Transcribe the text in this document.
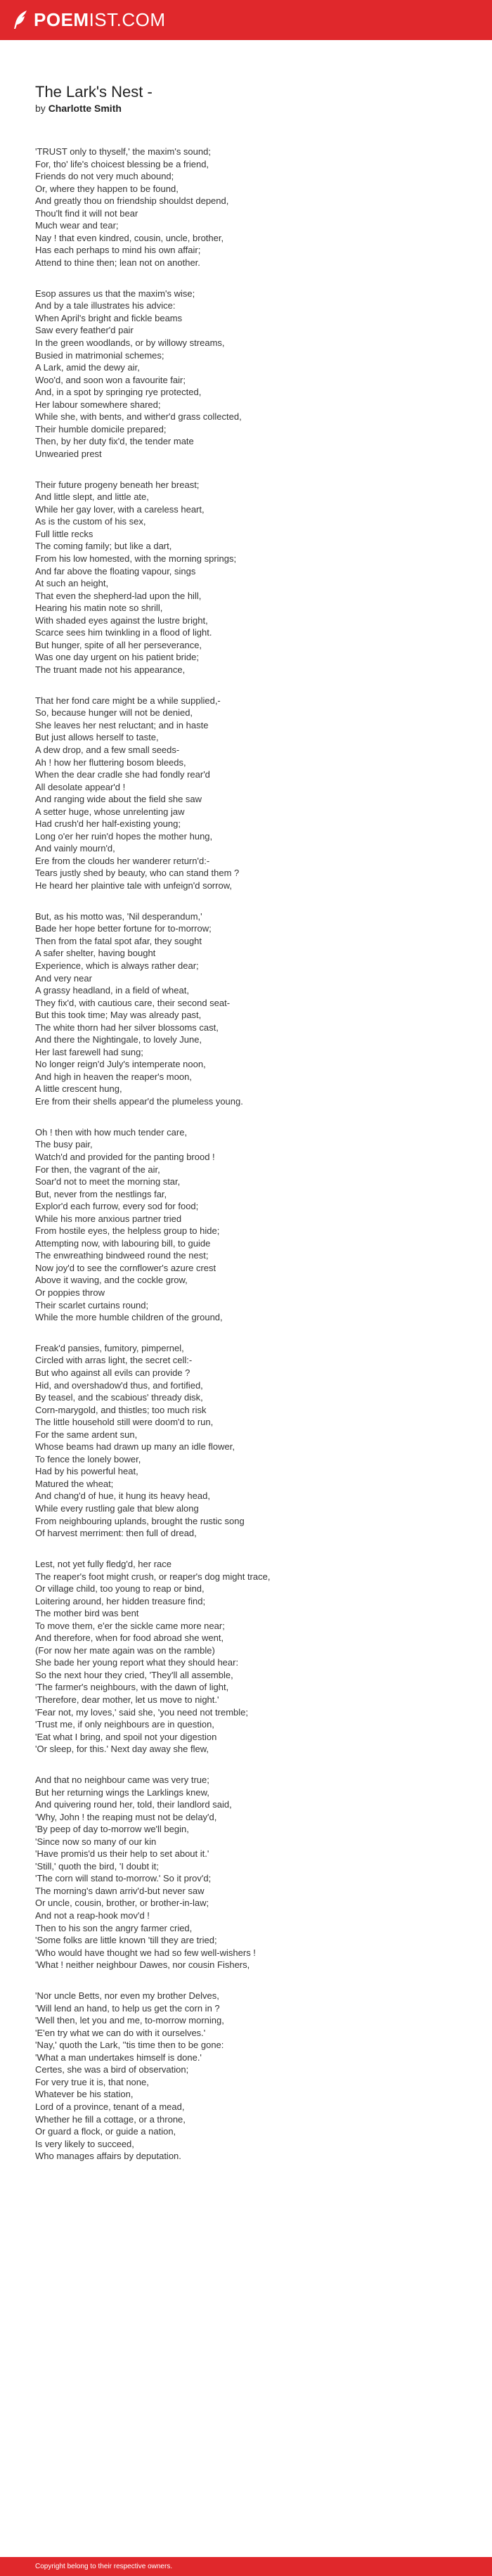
POEMIST.COM
The Lark's Nest -
by Charlotte Smith

'TRUST only to thyself,' the maxim's sound;
For, tho' life's choicest blessing be a friend,
Friends do not very much abound;
Or, where they happen to be found,
And greatly thou on friendship shouldst depend,
Thou'lt find it will not bear
Much wear and tear;
Nay ! that even kindred, cousin, uncle, brother,
Has each perhaps to mind his own affair;
Attend to thine then; lean not on another.

Esop assures us that the maxim's wise;
And by a tale illustrates his advice:
When April's bright and fickle beams
Saw every feather'd pair
In the green woodlands, or by willowy streams,
Busied in matrimonial schemes;
A Lark, amid the dewy air,
Woo'd, and soon won a favourite fair;
And, in a spot by springing rye protected,
Her labour somewhere shared;
While she, with bents, and wither'd grass collected,
Their humble domicile prepared;
Then, by her duty fix'd, the tender mate
Unwearied prest

Their future progeny beneath her breast;
And little slept, and little ate,
While her gay lover, with a careless heart,
As is the custom of his sex,
Full little recks
The coming family; but like a dart,
From his low homested, with the morning springs;
And far above the floating vapour, sings
At such an height,
That even the shepherd-lad upon the hill,
Hearing his matin note so shrill,
With shaded eyes against the lustre bright,
Scarce sees him twinkling in a flood of light.
But hunger, spite of all her perseverance,
Was one day urgent on his patient bride;
The truant made not his appearance,

That her fond care might be a while supplied,-
So, because hunger will not be denied,
She leaves her nest reluctant; and in haste
But just allows herself to taste,
A dew drop, and a few small seeds-
Ah ! how her fluttering bosom bleeds,
When the dear cradle she had fondly rear'd
All desolate appear'd !
And ranging wide about the field she saw
A setter huge, whose unrelenting jaw
Had crush'd her half-existing young;
Long o'er her ruin'd hopes the mother hung,
And vainly mourn'd,
Ere from the clouds her wanderer return'd:-
Tears justly shed by beauty, who can stand them ?
He heard her plaintive tale with unfeign'd sorrow,

But, as his motto was, 'Nil desperandum,'
Bade her hope better fortune for to-morrow;
Then from the fatal spot afar, they sought
A safer shelter, having bought
Experience, which is always rather dear;
And very near
A grassy headland, in a field of wheat,
They fix'd, with cautious care, their second seat-
But this took time; May was already past,
The white thorn had her silver blossoms cast,
And there the Nightingale, to lovely June,
Her last farewell had sung;
No longer reign'd July's intemperate noon,
And high in heaven the reaper's moon,
A little crescent hung,
Ere from their shells appear'd the plumeless young.

Oh ! then with how much tender care,
The busy pair,
Watch'd and provided for the panting brood !
For then, the vagrant of the air,
Soar'd not to meet the morning star,
But, never from the nestlings far,
Explor'd each furrow, every sod for food;
While his more anxious partner tried
From hostile eyes, the helpless group to hide;
Attempting now, with labouring bill, to guide
The enwreathing bindweed round the nest;
Now joy'd to see the cornflower's azure crest
Above it waving, and the cockle grow,
Or poppies throw
Their scarlet curtains round;
While the more humble children of the ground,

Freak'd pansies, fumitory, pimpernel,
Circled with arras light, the secret cell:-
But who against all evils can provide ?
Hid, and overshadow'd thus, and fortified,
By teasel, and the scabious' thready disk,
Corn-marygold, and thistles; too much risk
The little household still were doom'd to run,
For the same ardent sun,
Whose beams had drawn up many an idle flower,
To fence the lonely bower,
Had by his powerful heat,
Matured the wheat;
And chang'd of hue, it hung its heavy head,
While every rustling gale that blew along
From neighbouring uplands, brought the rustic song
Of harvest merriment: then full of dread,

Lest, not yet fully fledg'd, her race
The reaper's foot might crush, or reaper's dog might trace,
Or village child, too young to reap or bind,
Loitering around, her hidden treasure find;
The mother bird was bent
To move them, e'er the sickle came more near;
And therefore, when for food abroad she went,
(For now her mate again was on the ramble)
She bade her young report what they should hear:
So the next hour they cried, 'They'll all assemble,
'The farmer's neighbours, with the dawn of light,
'Therefore, dear mother, let us move to night.'
'Fear not, my loves,' said she, 'you need not tremble;
'Trust me, if only neighbours are in question,
'Eat what I bring, and spoil not your digestion
'Or sleep, for this.' Next day away she flew,

And that no neighbour came was very true;
But her returning wings the Larklings knew,
And quivering round her, told, their landlord said,
'Why, John ! the reaping must not be delay'd,
'By peep of day to-morrow we'll begin,
'Since now so many of our kin
'Have promis'd us their help to set about it.'
'Still,' quoth the bird, 'I doubt it;
'The corn will stand to-morrow.' So it prov'd;
The morning's dawn arriv'd-but never saw
Or uncle, cousin, brother, or brother-in-law;
And not a reap-hook mov'd !
Then to his son the angry farmer cried,
'Some folks are little known 'till they are tried;
'Who would have thought we had so few well-wishers !
'What ! neither neighbour Dawes, nor cousin Fishers,

'Nor uncle Betts, nor even my brother Delves,
'Will lend an hand, to help us get the corn in ?
'Well then, let you and me, to-morrow morning,
'E'en try what we can do with it ourselves.'
'Nay,' quoth the Lark, ''tis time then to be gone:
'What a man undertakes himself is done.'
Certes, she was a bird of observation;
For very true it is, that none,
Whatever be his station,
Lord of a province, tenant of a mead,
Whether he fill a cottage, or a throne,
Or guard a flock, or guide a nation,
Is very likely to succeed,
Who manages affairs by deputation.

Copyright belong to their respective owners.
